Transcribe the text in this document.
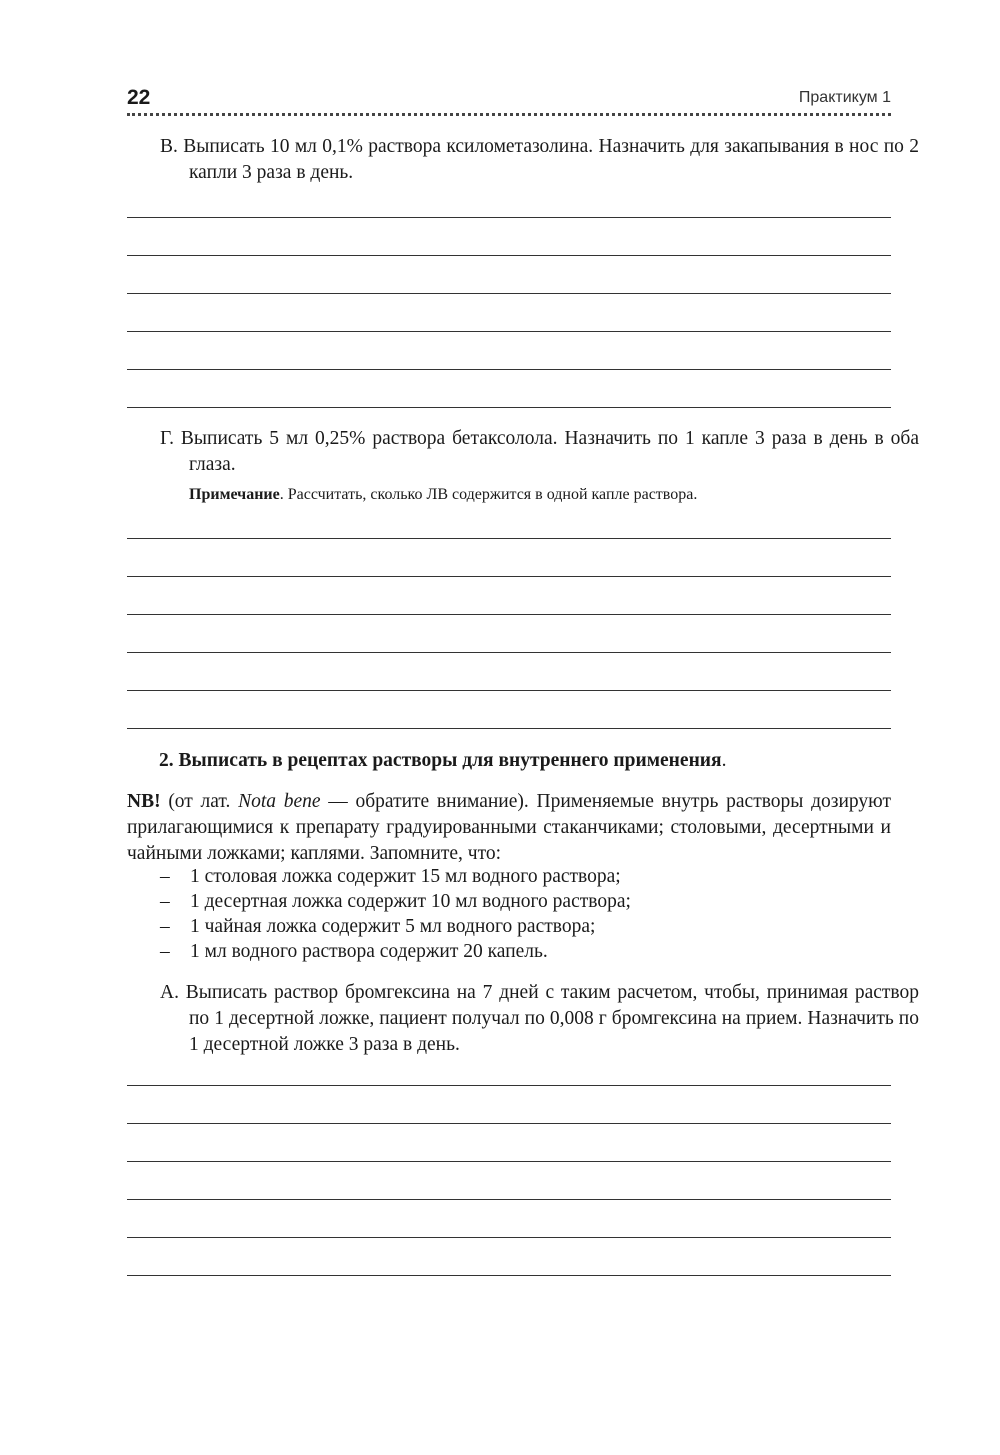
22	Практикум 1

В. Выписать 10 мл 0,1% раствора ксилометазолина. Назначить для закапывания в нос по 2 капли 3 раза в день.

Г. Выписать 5 мл 0,25% раствора бетаксолола. Назначить по 1 капле 3 раза в день в оба глаза.

Примечание. Рассчитать, сколько ЛВ содержится в одной капле раствора.
2. Выписать в рецептах растворы для внутреннего применения.

NB! (от лат. Nota bene — обратите внимание). Применяемые внутрь растворы дозируют прилагающимися к препарату градуированными стаканчиками; столовыми, десертными и чайными ложками; каплями. Запомните, что:

– 1 столовая ложка содержит 15 мл водного раствора;
– 1 десертная ложка содержит 10 мл водного раствора;
– 1 чайная ложка содержит 5 мл водного раствора;
– 1 мл водного раствора содержит 20 капель.

А. Выписать раствор бромгексина на 7 дней с таким расчетом, чтобы, принимая раствор по 1 десертной ложке, пациент получал по 0,008 г бромгексина на прием. Назначить по 1 десертной ложке 3 раза в день.
